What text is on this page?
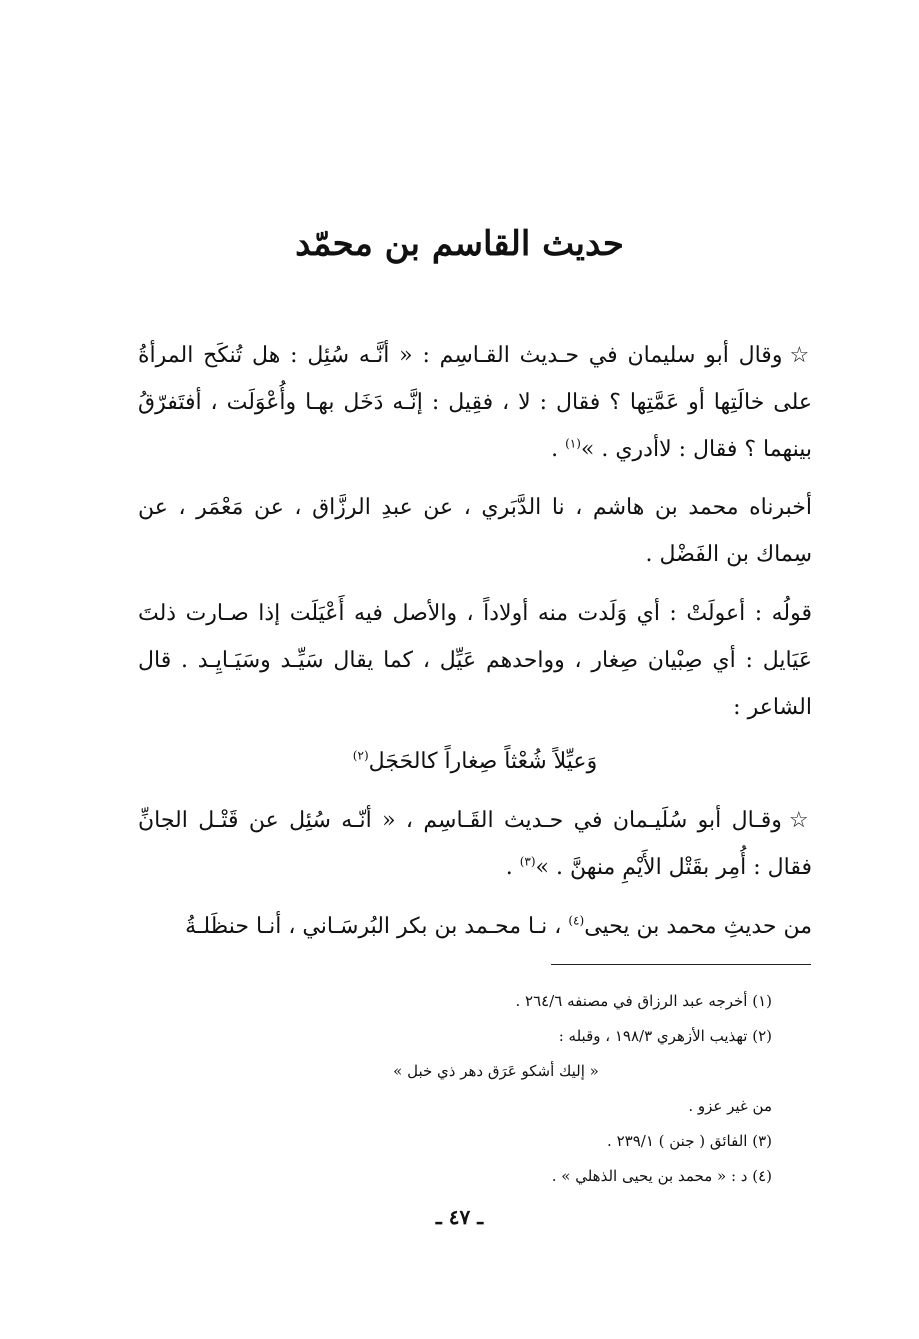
حديث القاسم بن محمّد

☆ وقال أبو سليمان في حـديث القـاسِم : « أنَّـه سُئِل : هل تُنكَح المرأةُ على خالَتِها أو عَمَّتِها ؟ فقال : لا ، فقِيل : إنَّـه دَخَل بهـا وأُعْوَلَت ، أفتَفرّقُ بينهما ؟ فقال : لاأدري . »$^{(١)}$ .

أخبرناه محمد بن هاشم ، نا الدَّبَري ، عن عبدِ الرزَّاق ، عن مَعْمَر ، عن سِماك بن الفَضْل .

قولُه : أعولَتْ : أي وَلَدت منه أولاداً ، والأصل فيه أَعْيَلَت إذا صـارت ذلتَ عَيَايل : أي صِبْيان صِغار ، وواحدهم عَيِّل ، كما يقال سَيِّـد وسَيَـايِـد . قال الشاعر :

وَعيِّلاً شُعْثاً صِغاراً كالحَجَل$^{(٢)}$

☆ وقـال أبو سُلَيـمان في حـديث القَـاسِم ، « أنّـه سُئِل عن قَتْـل الجانِّ فقال : أُمِر بقَتْل الأَيْمِ منهنَّ . »$^{(٣)}$ .

من حديثِ محمد بن يحيى$^{(٤)}$ ، نـا محـمد بن بكر البُرسَـاني ، أنـا حنظَلـةُ

(١) أخرجه عبد الرزاق في مصنفه ٢٦٤/٦ .

(٢) تهذيب الأزهري ١٩٨/٣ ، وقبله :

« إليك أشكو عَرَق دهر ذي خبل »

من غير عزو .

(٣) الفائق ( جنن ) ٢٣٩/١ .

(٤) د : « محمد بن يحيى الذهلي » .

ـ ٤٧ ـ
